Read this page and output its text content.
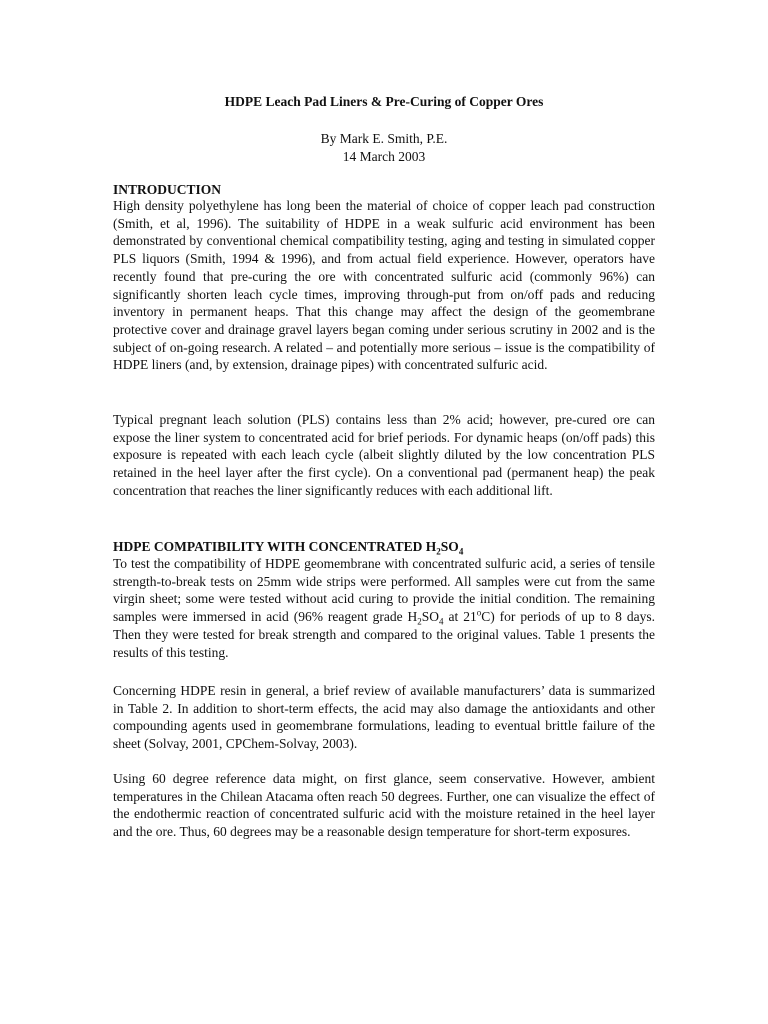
HDPE Leach Pad Liners & Pre-Curing of Copper Ores
By Mark E. Smith, P.E.
14 March 2003
INTRODUCTION

High density polyethylene has long been the material of choice of copper leach pad construction (Smith, et al, 1996). The suitability of HDPE in a weak sulfuric acid environment has been demonstrated by conventional chemical compatibility testing, aging and testing in simulated copper PLS liquors (Smith, 1994 & 1996), and from actual field experience. However, operators have recently found that pre-curing the ore with concentrated sulfuric acid (commonly 96%) can significantly shorten leach cycle times, improving through-put from on/off pads and reducing inventory in permanent heaps. That this change may affect the design of the geomembrane protective cover and drainage gravel layers began coming under serious scrutiny in 2002 and is the subject of on-going research. A related – and potentially more serious – issue is the compatibility of HDPE liners (and, by extension, drainage pipes) with concentrated sulfuric acid.

Typical pregnant leach solution (PLS) contains less than 2% acid; however, pre-cured ore can expose the liner system to concentrated acid for brief periods. For dynamic heaps (on/off pads) this exposure is repeated with each leach cycle (albeit slightly diluted by the low concentration PLS retained in the heel layer after the first cycle). On a conventional pad (permanent heap) the peak concentration that reaches the liner significantly reduces with each additional lift.

HDPE COMPATIBILITY WITH CONCENTRATED $H_2SO_4$

To test the compatibility of HDPE geomembrane with concentrated sulfuric acid, a series of tensile strength-to-break tests on 25mm wide strips were performed. All samples were cut from the same virgin sheet; some were tested without acid curing to provide the initial condition. The remaining samples were immersed in acid (96% reagent grade $H_2SO_4$ at 21$^o$C) for periods of up to 8 days. Then they were tested for break strength and compared to the original values. Table 1 presents the results of this testing.

Concerning HDPE resin in general, a brief review of available manufacturers’ data is summarized in Table 2. In addition to short-term effects, the acid may also damage the antioxidants and other compounding agents used in geomembrane formulations, leading to eventual brittle failure of the sheet (Solvay, 2001, CPChem-Solvay, 2003).

Using 60 degree reference data might, on first glance, seem conservative. However, ambient temperatures in the Chilean Atacama often reach 50 degrees. Further, one can visualize the effect of the endothermic reaction of concentrated sulfuric acid with the moisture retained in the heel layer and the ore. Thus, 60 degrees may be a reasonable design temperature for short-term exposures.
